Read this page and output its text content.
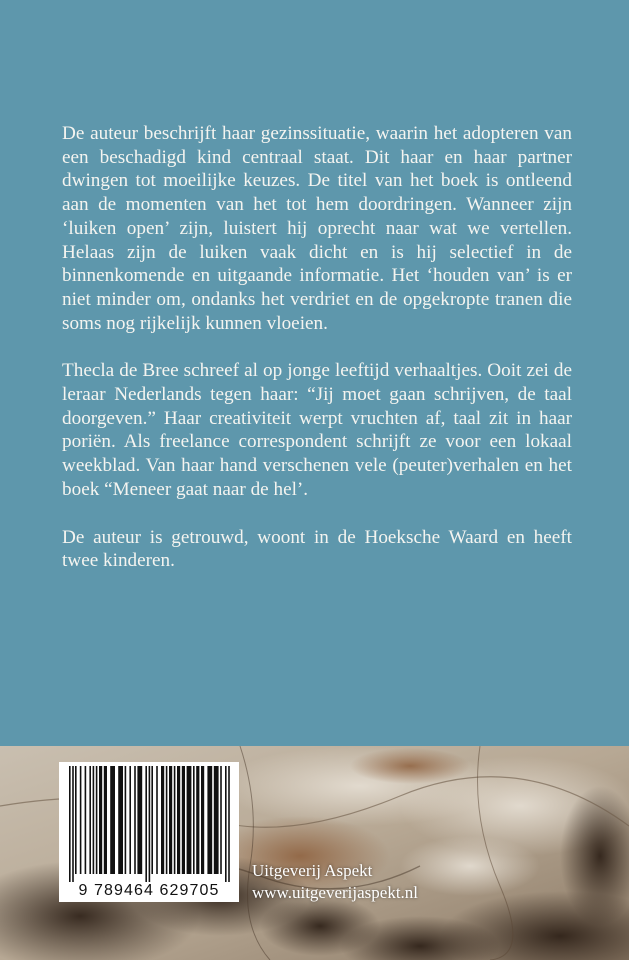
De auteur beschrijft haar gezinssituatie, waarin het adopteren van een beschadigd kind centraal staat. Dit haar en haar partner dwingen tot moeilijke keuzes. De titel van het boek is ontleend aan de momenten van het tot hem doordringen. Wanneer zijn ‘luiken open’ zijn, luistert hij oprecht naar wat we vertellen. Helaas zijn de luiken vaak dicht en is hij selectief in de binnenkomende en uitgaande informatie. Het ‘houden van’ is er niet minder om, ondanks het verdriet en de opgekropte tranen die soms nog rijkelijk kunnen vloeien.

Thecla de Bree schreef al op jonge leeftijd verhaaltjes. Ooit zei de leraar Nederlands tegen haar: “Jij moet gaan schrijven, de taal doorgeven.” Haar creativiteit werpt vruchten af, taal zit in haar poriën. Als freelance correspondent schrijft ze voor een lokaal weekblad. Van haar hand verschenen vele (peuter)verhalen en het boek “Meneer gaat naar de hel’.

De auteur is getrouwd, woont in de Hoeksche Waard en heeft twee kinderen.

9 789464 629705
Uitgeverij Aspekt
www.uitgeverijaspekt.nl
